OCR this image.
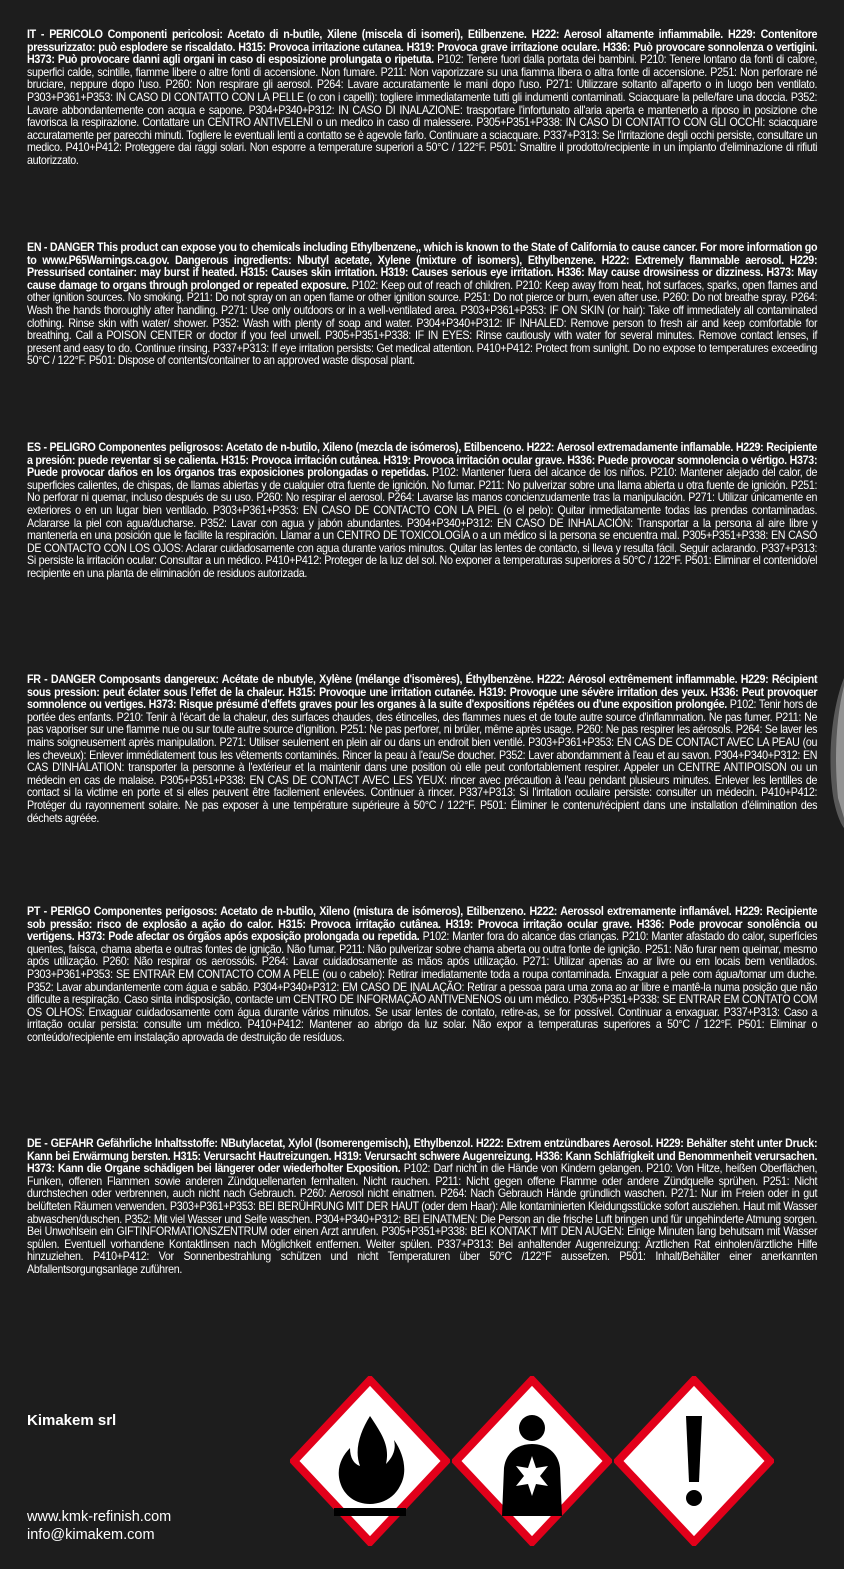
IT - PERICOLO Componenti pericolosi: Acetato di n-butile, Xilene (miscela di isomeri), Etilbenzene. H222: Aerosol altamente infiammabile. H229: Contenitore pressurizzato: può esplodere se riscaldato. H315: Provoca irritazione cutanea. H319: Provoca grave irritazione oculare. H336: Può provocare sonnolenza o vertigini. H373: Può provocare danni agli organi in caso di esposizione prolungata o ripetuta. P102: Tenere fuori dalla portata dei bambini. P210: Tenere lontano da fonti di calore, superfici calde, scintille, fiamme libere o altre fonti di accensione. Non fumare. P211: Non vaporizzare su una fiamma libera o altra fonte di accensione. P251: Non perforare né bruciare, neppure dopo l'uso. P260: Non respirare gli aerosol. P264: Lavare accuratamente le mani dopo l'uso. P271: Utilizzare soltanto all'aperto o in luogo ben ventilato. P303+P361+P353: IN CASO DI CONTATTO CON LA PELLE (o con i capelli): togliere immediatamente tutti gli indumenti contaminati. Sciacquare la pelle/fare una doccia. P352: Lavare abbondantemente con acqua e sapone. P304+P340+P312: IN CASO DI INALAZIONE: trasportare l'infortunato all'aria aperta e mantenerlo a riposo in posizione che favorisca la respirazione. Contattare un CENTRO ANTIVELENI o un medico in caso di malessere. P305+P351+P338: IN CASO DI CONTATTO CON GLI OCCHI: sciacquare accuratamente per parecchi minuti. Togliere le eventuali lenti a contatto se è agevole farlo. Continuare a sciacquare. P337+P313: Se l'irritazione degli occhi persiste, consultare un medico. P410+P412: Proteggere dai raggi solari. Non esporre a temperature superiori a 50°C / 122°F. P501: Smaltire il prodotto/recipiente in un impianto d'eliminazione di rifiuti autorizzato.
EN - DANGER This product can expose you to chemicals including Ethylbenzene,, which is known to the State of California to cause cancer. For more information go to www.P65Warnings.ca.gov. Dangerous ingredients: Nbutyl acetate, Xylene (mixture of isomers), Ethylbenzene. H222: Extremely flammable aerosol. H229: Pressurised container: may burst if heated. H315: Causes skin irritation. H319: Causes serious eye irritation. H336: May cause drowsiness or dizziness. H373: May cause damage to organs through prolonged or repeated exposure. P102: Keep out of reach of children. P210: Keep away from heat, hot surfaces, sparks, open flames and other ignition sources. No smoking. P211: Do not spray on an open flame or other ignition source. P251: Do not pierce or burn, even after use. P260: Do not breathe spray. P264: Wash the hands thoroughly after handling. P271: Use only outdoors or in a well-ventilated area. P303+P361+P353: IF ON SKIN (or hair): Take off immediately all contaminated clothing. Rinse skin with water/ shower. P352: Wash with plenty of soap and water. P304+P340+P312: IF INHALED: Remove person to fresh air and keep comfortable for breathing. Call a POISON CENTER or doctor if you feel unwell. P305+P351+P338: IF IN EYES: Rinse cautiously with water for several minutes. Remove contact lenses, if present and easy to do. Continue rinsing. P337+P313: If eye irritation persists: Get medical attention. P410+P412: Protect from sunlight. Do no expose to temperatures exceeding 50°C / 122°F. P501: Dispose of contents/container to an approved waste disposal plant.
ES - PELIGRO Componentes peligrosos: Acetato de n-butilo, Xileno (mezcla de isómeros), Etilbenceno. H222: Aerosol extremadamente inflamable. H229: Recipiente a presión: puede reventar si se calienta. H315: Provoca irritación cutánea. H319: Provoca irritación ocular grave. H336: Puede provocar somnolencia o vértigo. H373: Puede provocar daños en los órganos tras exposiciones prolongadas o repetidas. P102: Mantener fuera del alcance de los niños. P210: Mantener alejado del calor, de superficies calientes, de chispas, de llamas abiertas y de cualquier otra fuente de ignición. No fumar. P211: No pulverizar sobre una llama abierta u otra fuente de ignición. P251: No perforar ni quemar, incluso después de su uso. P260: No respirar el aerosol. P264: Lavarse las manos concienzudamente tras la manipulación. P271: Utilizar únicamente en exteriores o en un lugar bien ventilado. P303+P361+P353: EN CASO DE CONTACTO CON LA PIEL (o el pelo): Quitar inmediatamente todas las prendas contaminadas. Aclararse la piel con agua/ducharse. P352: Lavar con agua y jabón abundantes. P304+P340+P312: EN CASO DE INHALACIÓN: Transportar a la persona al aire libre y mantenerla en una posición que le facilite la respiración. Llamar a un CENTRO DE TOXICOLOGÍA o a un médico si la persona se encuentra mal. P305+P351+P338: EN CASO DE CONTACTO CON LOS OJOS: Aclarar cuidadosamente con agua durante varios minutos. Quitar las lentes de contacto, si lleva y resulta fácil. Seguir aclarando. P337+P313: Si persiste la irritación ocular: Consultar a un médico. P410+P412: Proteger de la luz del sol. No exponer a temperaturas superiores a 50°C / 122°F. P501: Eliminar el contenido/el recipiente en una planta de eliminación de residuos autorizada.
FR - DANGER Composants dangereux: Acétate de nbutyle, Xylène (mélange d'isomères), Éthylbenzène. H222: Aérosol extrêmement inflammable. H229: Récipient sous pression: peut éclater sous l'effet de la chaleur. H315: Provoque une irritation cutanée. H319: Provoque une sévère irritation des yeux. H336: Peut provoquer somnolence ou vertiges. H373: Risque présumé d'effets graves pour les organes à la suite d'expositions répétées ou d'une exposition prolongée. P102: Tenir hors de portée des enfants. P210: Tenir à l'écart de la chaleur, des surfaces chaudes, des étincelles, des flammes nues et de toute autre source d'inflammation. Ne pas fumer. P211: Ne pas vaporiser sur une flamme nue ou sur toute autre source d'ignition. P251: Ne pas perforer, ni brûler, même après usage. P260: Ne pas respirer les aérosols. P264: Se laver les mains soigneusement après manipulation. P271: Utiliser seulement en plein air ou dans un endroit bien ventilé. P303+P361+P353: EN CAS DE CONTACT AVEC LA PEAU (ou les cheveux): Enlever immédiatement tous les vêtements contaminés. Rincer la peau à l'eau/Se doucher. P352: Laver abondamment à l'eau et au savon. P304+P340+P312: EN CAS D'INHALATION: transporter la personne à l'extérieur et la maintenir dans une position où elle peut confortablement respirer. Appeler un CENTRE ANTIPOISON ou un médecin en cas de malaise. P305+P351+P338: EN CAS DE CONTACT AVEC LES YEUX: rincer avec précaution à l'eau pendant plusieurs minutes. Enlever les lentilles de contact si la victime en porte et si elles peuvent être facilement enlevées. Continuer à rincer. P337+P313: Si l'irritation oculaire persiste: consulter un médecin. P410+P412: Protéger du rayonnement solaire. Ne pas exposer à une température supérieure à 50°C / 122°F. P501: Éliminer le contenu/récipient dans une installation d'élimination des déchets agréée.
PT - PERIGO Componentes perigosos: Acetato de n-butilo, Xileno (mistura de isómeros), Etilbenzeno. H222: Aerossol extremamente inflamável. H229: Recipiente sob pressão: risco de explosão a ação do calor. H315: Provoca irritação cutânea. H319: Provoca irritação ocular grave. H336: Pode provocar sonolência ou vertigens. H373: Pode afectar os órgãos após exposição prolongada ou repetida. P102: Manter fora do alcance das crianças. P210: Manter afastado do calor, superfícies quentes, faísca, chama aberta e outras fontes de ignição. Não fumar. P211: Não pulverizar sobre chama aberta ou outra fonte de ignição. P251: Não furar nem queimar, mesmo após utilização. P260: Não respirar os aerossóis. P264: Lavar cuidadosamente as mãos após utilização. P271: Utilizar apenas ao ar livre ou em locais bem ventilados. P303+P361+P353: SE ENTRAR EM CONTACTO COM A PELE (ou o cabelo): Retirar imediatamente toda a roupa contaminada. Enxaguar a pele com água/tomar um duche. P352: Lavar abundantemente com água e sabão. P304+P340+P312: EM CASO DE INALAÇÃO: Retirar a pessoa para uma zona ao ar libre e mantê-la numa posição que não dificulte a respiração. Caso sinta indisposição, contacte um CENTRO DE INFORMAÇÃO ANTIVENENOS ou um médico. P305+P351+P338: SE ENTRAR EM CONTATO COM OS OLHOS: Enxaguar cuidadosamente com água durante vários minutos. Se usar lentes de contato, retire-as, se for possível. Continuar a enxaguar. P337+P313: Caso a irritação ocular persista: consulte um médico. P410+P412: Mantener ao abrigo da luz solar. Não expor a temperaturas superiores a 50°C / 122°F. P501: Eliminar o conteúdo/recipiente em instalação aprovada de destruição de resíduos.
DE - GEFAHR Gefährliche Inhaltsstoffe: NButylacetat, Xylol (Isomerengemisch), Ethylbenzol. H222: Extrem entzündbares Aerosol. H229: Behälter steht unter Druck: Kann bei Erwärmung bersten. H315: Verursacht Hautreizungen. H319: Verursacht schwere Augenreizung. H336: Kann Schläfrigkeit und Benommenheit verursachen. H373: Kann die Organe schädigen bei längerer oder wiederholter Exposition. P102: Darf nicht in die Hände von Kindern gelangen. P210: Von Hitze, heißen Oberflächen, Funken, offenen Flammen sowie anderen Zündquellenarten fernhalten. Nicht rauchen. P211: Nicht gegen offene Flamme oder andere Zündquelle sprühen. P251: Nicht durchstechen oder verbrennen, auch nicht nach Gebrauch. P260: Aerosol nicht einatmen. P264: Nach Gebrauch Hände gründlich waschen. P271: Nur im Freien oder in gut belüfteten Räumen verwenden. P303+P361+P353: BEI BERÜHRUNG MIT DER HAUT (oder dem Haar): Alle kontaminierten Kleidungsstücke sofort ausziehen. Haut mit Wasser abwaschen/duschen. P352: Mit viel Wasser und Seife waschen. P304+P340+P312: BEI EINATMEN: Die Person an die frische Luft bringen und für ungehinderte Atmung sorgen. Bei Unwohlsein ein GIFTINFORMATIONSZENTRUM oder einen Arzt anrufen. P305+P351+P338: BEI KONTAKT MIT DEN AUGEN: Einige Minuten lang behutsam mit Wasser spülen. Eventuell vorhandene Kontaktlinsen nach Möglichkeit entfernen. Weiter spülen. P337+P313: Bei anhaltender Augenreizung: Ärztlichen Rat einholen/ärztliche Hilfe hinzuziehen. P410+P412: Vor Sonnenbestrahlung schützen und nicht Temperaturen über 50°C /122°F aussetzen. P501: Inhalt/Behälter einer anerkannten Abfallentsorgungsanlage zuführen.
Kimakem srl
www.kmk-refinish.com
info@kimakem.com
